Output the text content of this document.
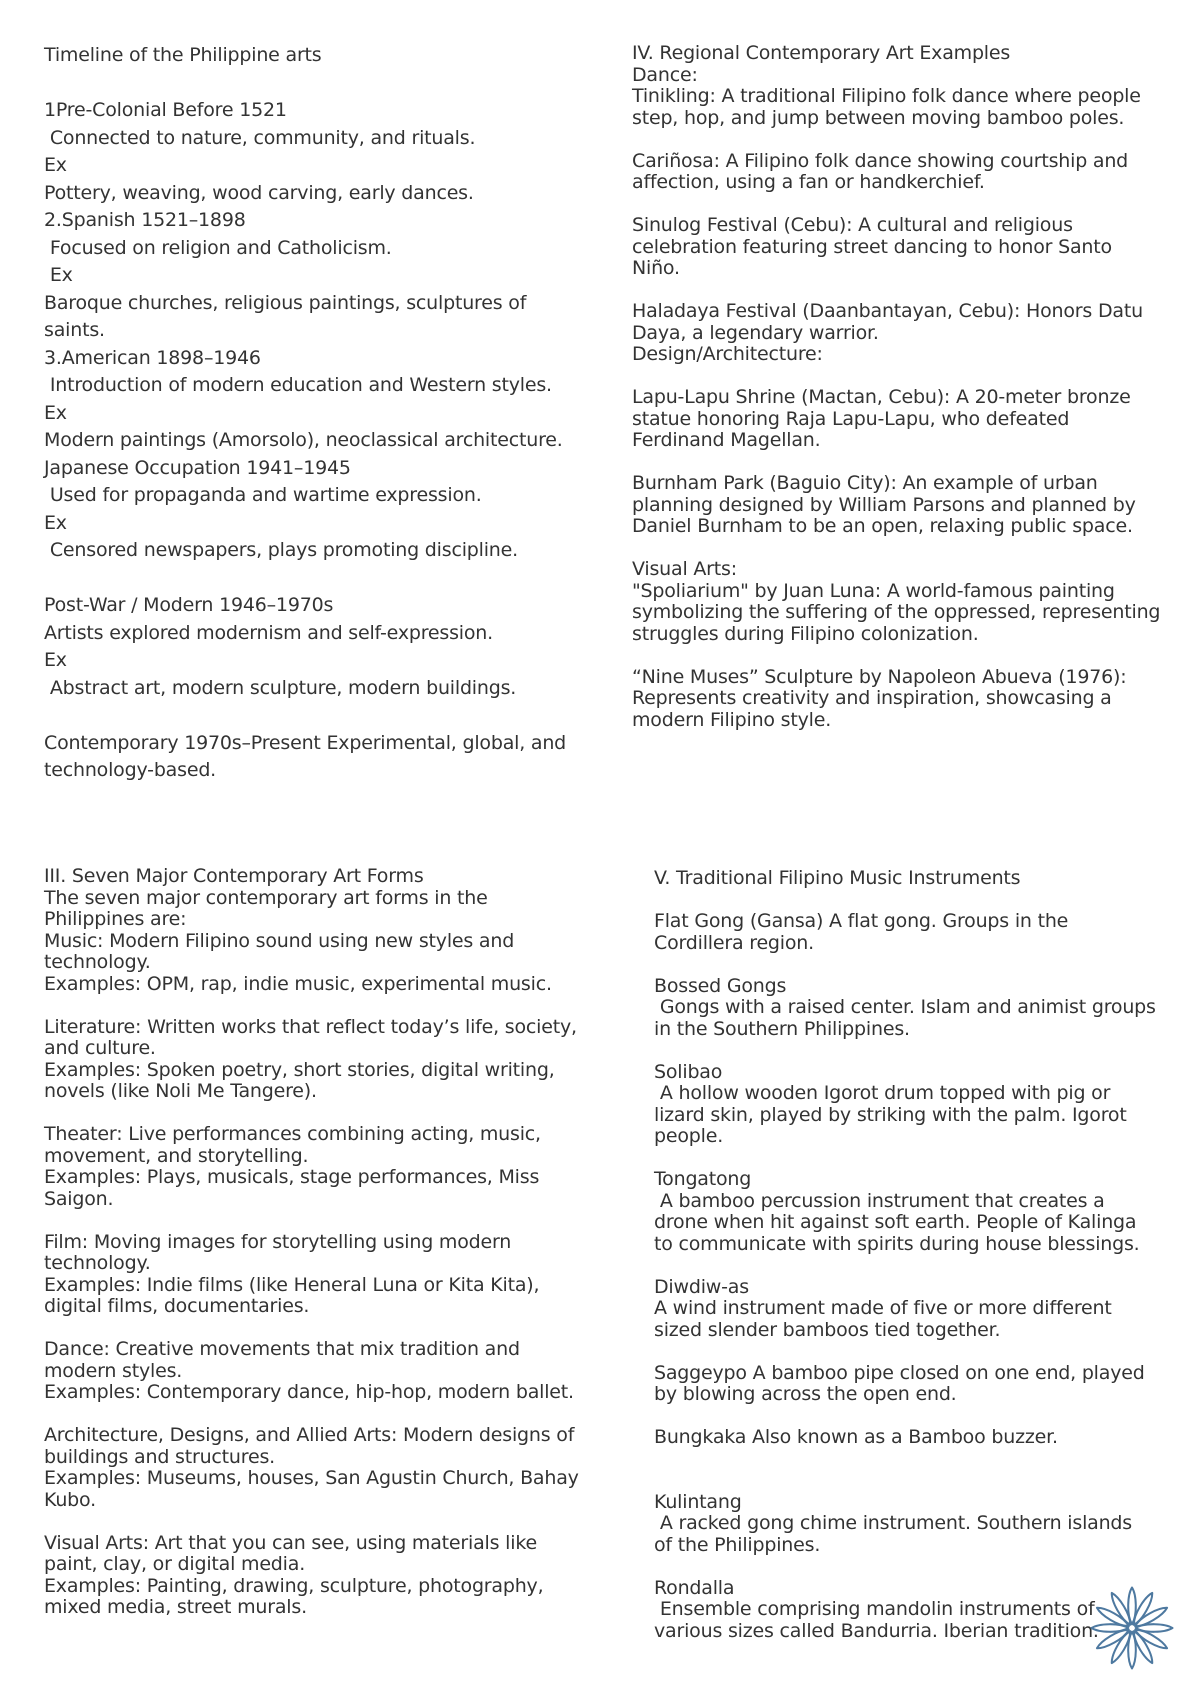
Timeline of the Philippine arts
1Pre-Colonial Before 1521
Connected to nature, community, and rituals.
Ex
Pottery, weaving, wood carving, early dances.
2.Spanish 1521–1898
Focused on religion and Catholicism.
Ex
Baroque churches, religious paintings, sculptures of
saints.
3.American 1898–1946
Introduction of modern education and Western styles.
Ex
Modern paintings (Amorsolo), neoclassical architecture.
Japanese Occupation 1941–1945
Used for propaganda and wartime expression.
Ex
Censored newspapers, plays promoting discipline.
Post-War / Modern 1946–1970s
Artists explored modernism and self-expression.
Ex
Abstract art, modern sculpture, modern buildings.
Contemporary 1970s–Present Experimental, global, and
technology-based.
IV. Regional Contemporary Art Examples
Dance:
Tinikling: A traditional Filipino folk dance where people
step, hop, and jump between moving bamboo poles.
Cariñosa: A Filipino folk dance showing courtship and
affection, using a fan or handkerchief.
Sinulog Festival (Cebu): A cultural and religious
celebration featuring street dancing to honor Santo
Niño.
Haladaya Festival (Daanbantayan, Cebu): Honors Datu
Daya, a legendary warrior.
Design/Architecture:
Lapu-Lapu Shrine (Mactan, Cebu): A 20-meter bronze
statue honoring Raja Lapu-Lapu, who defeated
Ferdinand Magellan.
Burnham Park (Baguio City): An example of urban
planning designed by William Parsons and planned by
Daniel Burnham to be an open, relaxing public space.
Visual Arts:
"Spoliarium" by Juan Luna: A world-famous painting
symbolizing the suffering of the oppressed, representing
struggles during Filipino colonization.
“Nine Muses” Sculpture by Napoleon Abueva (1976):
Represents creativity and inspiration, showcasing a
modern Filipino style.
III. Seven Major Contemporary Art Forms
The seven major contemporary art forms in the
Philippines are:
Music: Modern Filipino sound using new styles and
technology.
Examples: OPM, rap, indie music, experimental music.
Literature: Written works that reflect today’s life, society,
and culture.
Examples: Spoken poetry, short stories, digital writing,
novels (like Noli Me Tangere).
Theater: Live performances combining acting, music,
movement, and storytelling.
Examples: Plays, musicals, stage performances, Miss
Saigon.
Film: Moving images for storytelling using modern
technology.
Examples: Indie films (like Heneral Luna or Kita Kita),
digital films, documentaries.
Dance: Creative movements that mix tradition and
modern styles.
Examples: Contemporary dance, hip-hop, modern ballet.
Architecture, Designs, and Allied Arts: Modern designs of
buildings and structures.
Examples: Museums, houses, San Agustin Church, Bahay
Kubo.
Visual Arts: Art that you can see, using materials like
paint, clay, or digital media.
Examples: Painting, drawing, sculpture, photography,
mixed media, street murals.
V. Traditional Filipino Music Instruments
Flat Gong (Gansa) A flat gong. Groups in the
Cordillera region.
Bossed Gongs
Gongs with a raised center. Islam and animist groups
in the Southern Philippines.
Solibao
A hollow wooden Igorot drum topped with pig or
lizard skin, played by striking with the palm. Igorot
people.
Tongatong
A bamboo percussion instrument that creates a
drone when hit against soft earth. People of Kalinga
to communicate with spirits during house blessings.
Diwdiw-as
A wind instrument made of five or more different
sized slender bamboos tied together.
Saggeypo A bamboo pipe closed on one end, played
by blowing across the open end.
Bungkaka Also known as a Bamboo buzzer.
Kulintang
A racked gong chime instrument. Southern islands
of the Philippines.
Rondalla
Ensemble comprising mandolin instruments of
various sizes called Bandurria. Iberian tradition.
